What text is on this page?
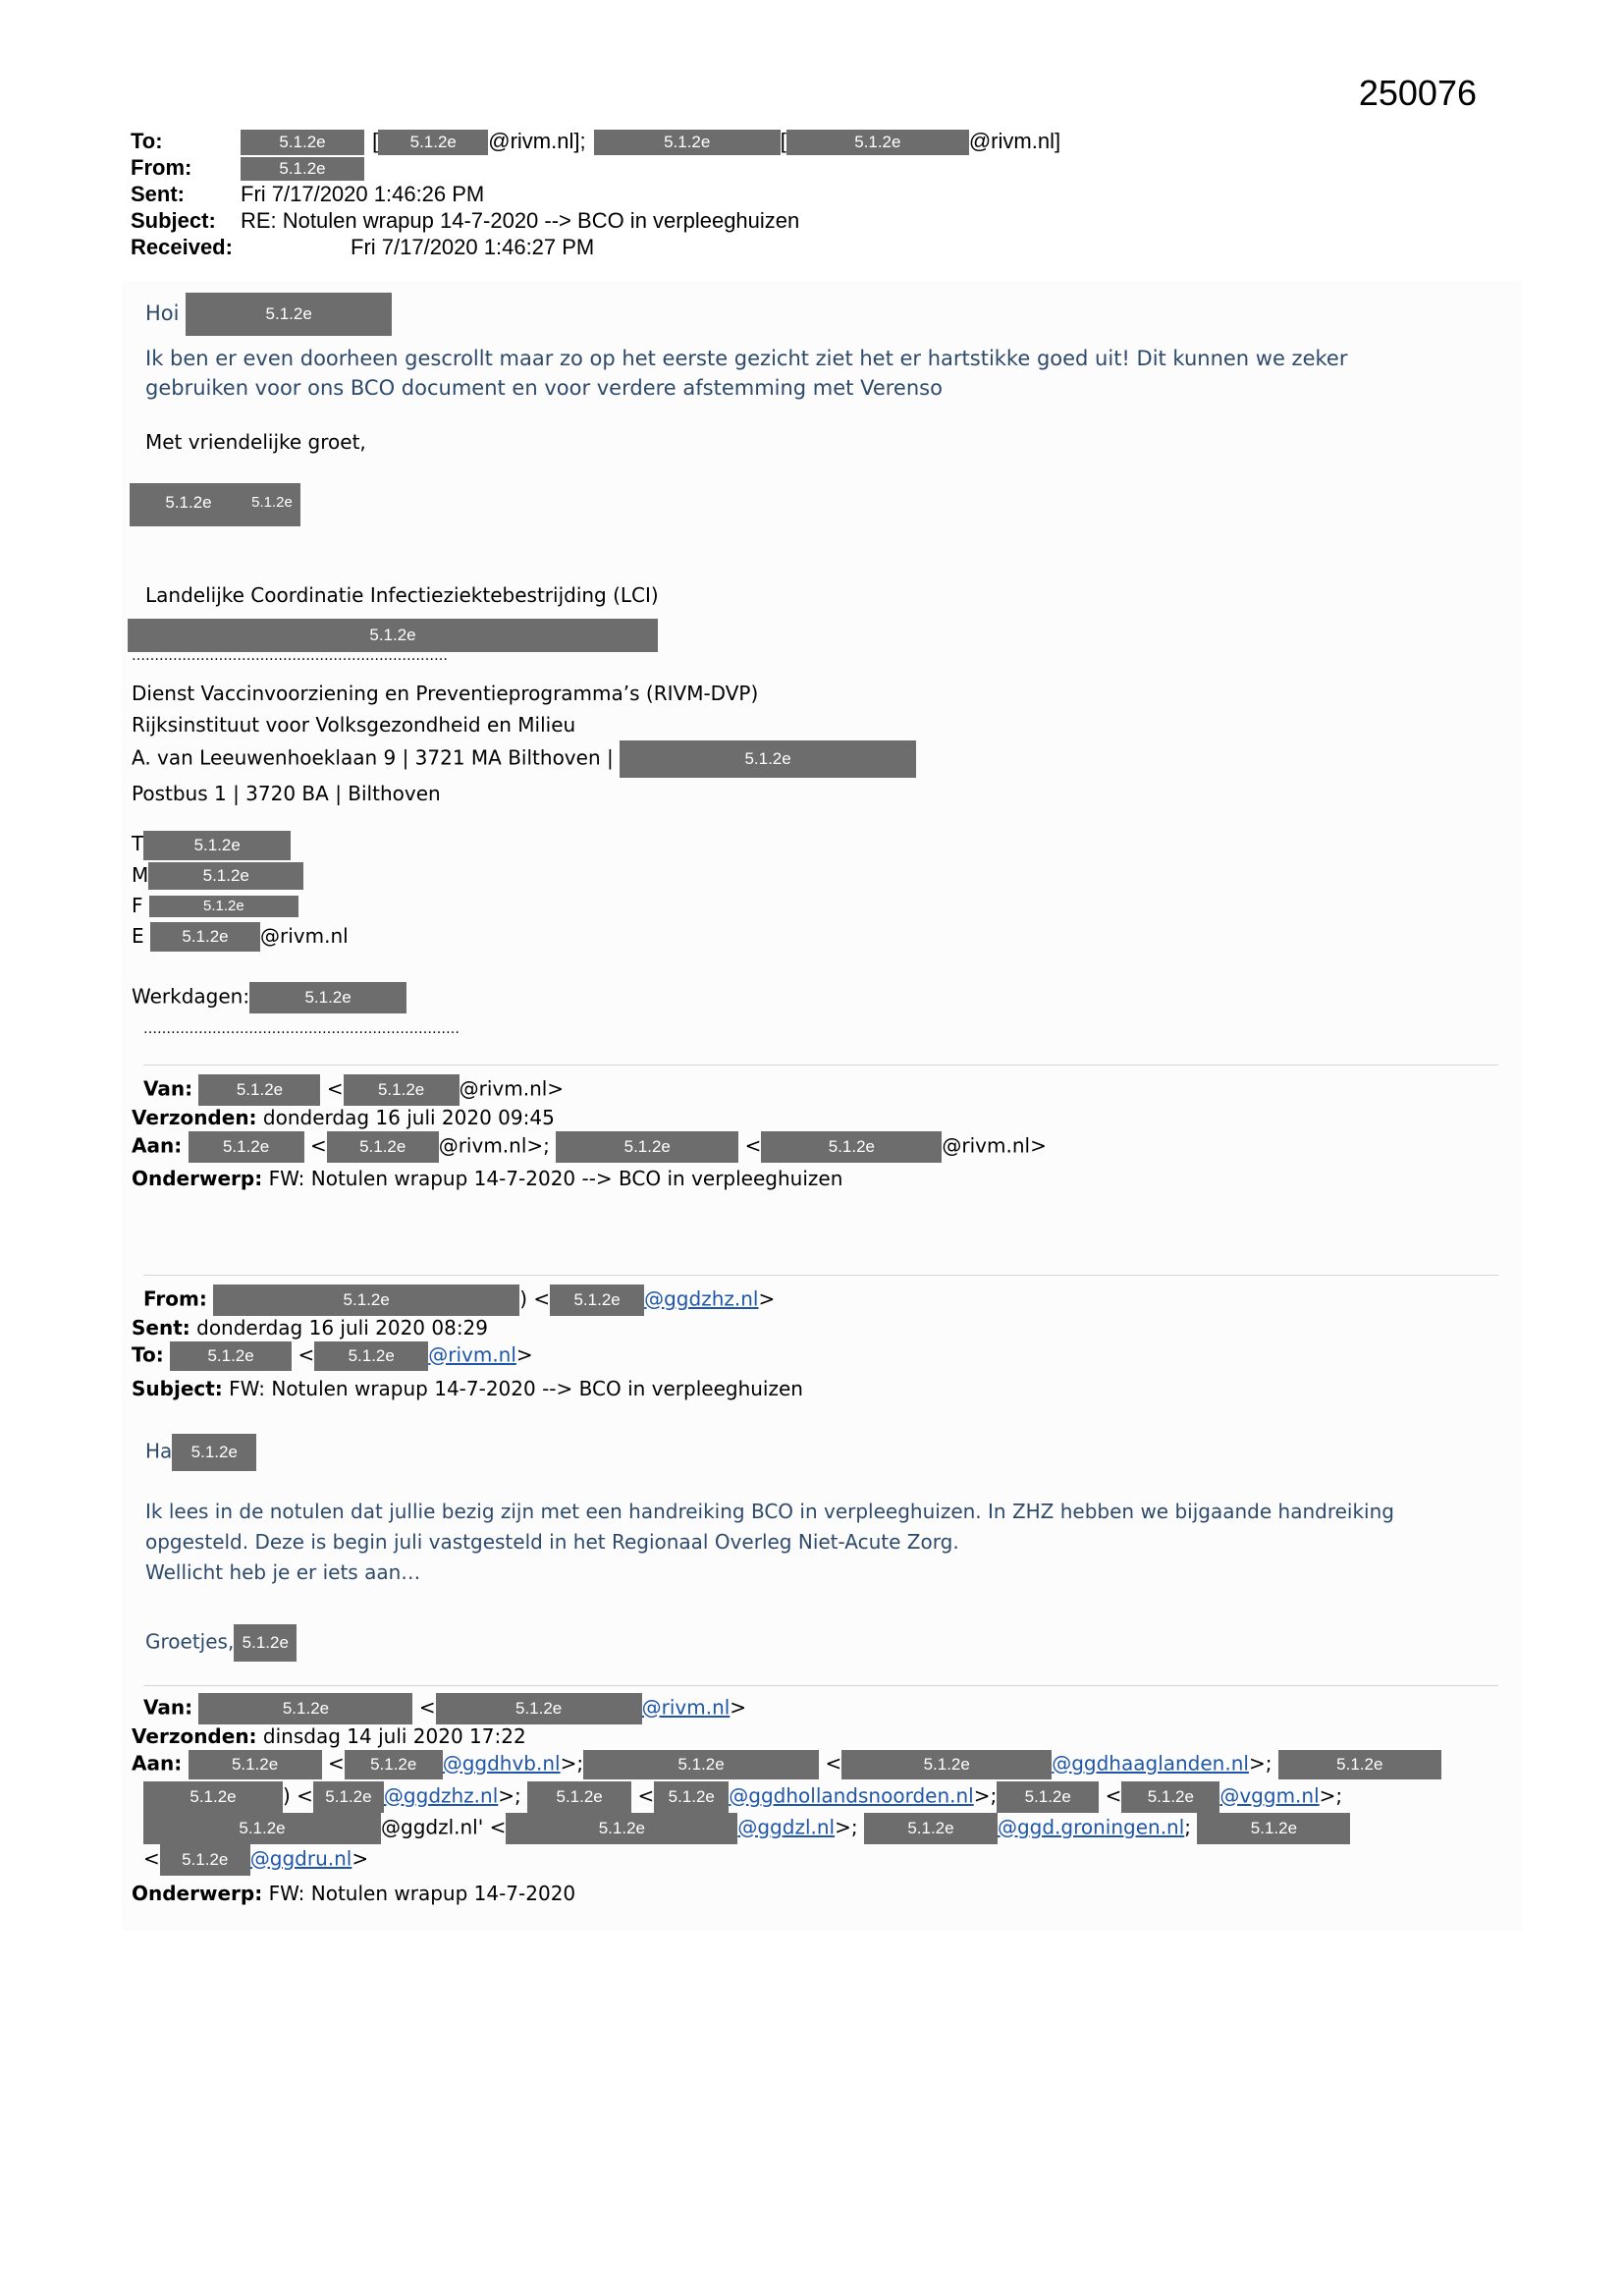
250076
To:	5.1.2e [ 5.1.2e @rivm.nl];	5.1.2e	[	5.1.2e	@rivm.nl]
From:	5.1.2e
Sent:	Fri 7/17/2020 1:46:26 PM
Subject: RE: Notulen wrapup 14-7-2020 --> BCO in verpleeghuizen
Received:	Fri 7/17/2020 1:46:27 PM
Hoi	5.1.2e
Ik ben er even doorheen gescrollt maar zo op het eerste gezicht ziet het er hartstikke goed uit! Dit kunnen we zeker
gebruiken voor ons BCO document en voor verdere afstemming met Verenso
Met vriendelijke groet,
5.1.2e	5.1.2e
Landelijke Coordinatie Infectieziektebestrijding (LCI)
5.1.2e
……………………………………………………………
Dienst Vaccinvoorziening en Preventieprogramma’s (RIVM-DVP)
Rijksinstituut voor Volksgezondheid en Milieu
A. van Leeuwenhoeklaan 9 | 3721 MA Bilthoven |	5.1.2e
Postbus 1 | 3720 BA | Bilthoven
T	5.1.2e
M	5.1.2e
F	5.1.2e
E 5.1.2e @rivm.nl
Werkdagen:	5.1.2e
……………………………………………………………
Van:	5.1.2e < 5.1.2e @rivm.nl>
Verzonden: donderdag 16 juli 2020 09:45
Aan: 5.1.2e < 5.1.2e @rivm.nl>;	5.1.2e	<	5.1.2e	@rivm.nl>
Onderwerp: FW: Notulen wrapup 14-7-2020 --> BCO in verpleeghuizen
From:	5.1.2e	) < 5.1.2e @ggdzhz.nl>
Sent: donderdag 16 juli 2020 08:29
To:	5.1.2e < 5.1.2e @rivm.nl>
Subject: FW: Notulen wrapup 14-7-2020 --> BCO in verpleeghuizen
Ha 5.1.2e
Ik lees in de notulen dat jullie bezig zijn met een handreiking BCO in verpleeghuizen. In ZHZ hebben we bijgaande handreiking
opgesteld. Deze is begin juli vastgesteld in het Regionaal Overleg Niet-Acute Zorg.
Wellicht heb je er iets aan…
Groetjes, 5.1.2e
Van:	5.1.2e	<	5.1.2e	@rivm.nl>
Verzonden: dinsdag 14 juli 2020 17:22
Aan:	5.1.2e	< 5.1.2e @ggdhvb.nl>;	5.1.2e	<	5.1.2e	@ggdhaaglanden.nl>;	5.1.2e
5.1.2e ) < 5.1.2e @ggdzhz.nl>; 5.1.2e < 5.1.2e @ggdhollandsnoorden.nl>; 5.1.2e < 5.1.2e @vggm.nl>;
5.1.2e	@ggdzl.nl' <	5.1.2e	@ggdzl.nl>;	5.1.2e @ggd.groningen.nl;	5.1.2e
< 5.1.2e @ggdru.nl>
Onderwerp: FW: Notulen wrapup 14-7-2020
